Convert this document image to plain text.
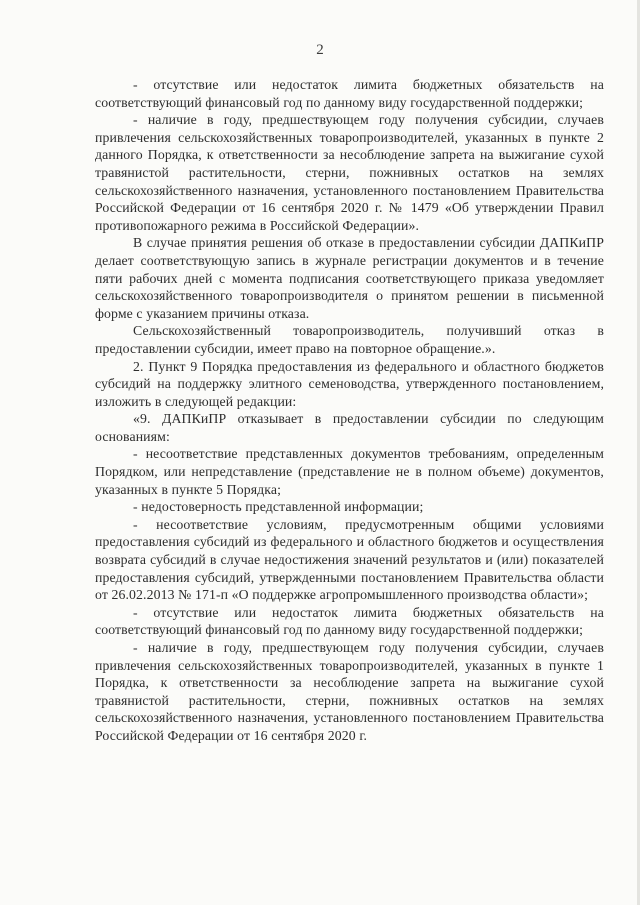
2

- отсутствие или недостаток лимита бюджетных обязательств на соответствующий финансовый год по данному виду государственной поддержки;

- наличие в году, предшествующем году получения субсидии, случаев привлечения сельскохозяйственных товаропроизводителей, указанных в пункте 2 данного Порядка, к ответственности за несоблюдение запрета на выжигание сухой травянистой растительности, стерни, пожнивных остатков на землях сельскохозяйственного назначения, установленного постановлением Правительства Российской Федерации от 16 сентября 2020 г. № 1479 «Об утверждении Правил противопожарного режима в Российской Федерации».

В случае принятия решения об отказе в предоставлении субсидии ДАПКиПР делает соответствующую запись в журнале регистрации документов и в течение пяти рабочих дней с момента подписания соответствующего приказа уведомляет сельскохозяйственного товаропроизводителя о принятом решении в письменной форме с указанием причины отказа.

Сельскохозяйственный товаропроизводитель, получивший отказ в предоставлении субсидии, имеет право на повторное обращение.».

2. Пункт 9 Порядка предоставления из федерального и областного бюджетов субсидий на поддержку элитного семеноводства, утвержденного постановлением, изложить в следующей редакции:

«9. ДАПКиПР отказывает в предоставлении субсидии по следующим основаниям:

- несоответствие представленных документов требованиям, определенным Порядком, или непредставление (представление не в полном объеме) документов, указанных в пункте 5 Порядка;

- недостоверность представленной информации;

- несоответствие условиям, предусмотренным общими условиями предоставления субсидий из федерального и областного бюджетов и осуществления возврата субсидий в случае недостижения значений результатов и (или) показателей предоставления субсидий, утвержденными постановлением Правительства области от 26.02.2013 № 171-п «О поддержке агропромышленного производства области»;

- отсутствие или недостаток лимита бюджетных обязательств на соответствующий финансовый год по данному виду государственной поддержки;

- наличие в году, предшествующем году получения субсидии, случаев привлечения сельскохозяйственных товаропроизводителей, указанных в пункте 1 Порядка, к ответственности за несоблюдение запрета на выжигание сухой травянистой растительности, стерни, пожнивных остатков на землях сельскохозяйственного назначения, установленного постановлением Правительства Российской Федерации от 16 сентября 2020 г.
